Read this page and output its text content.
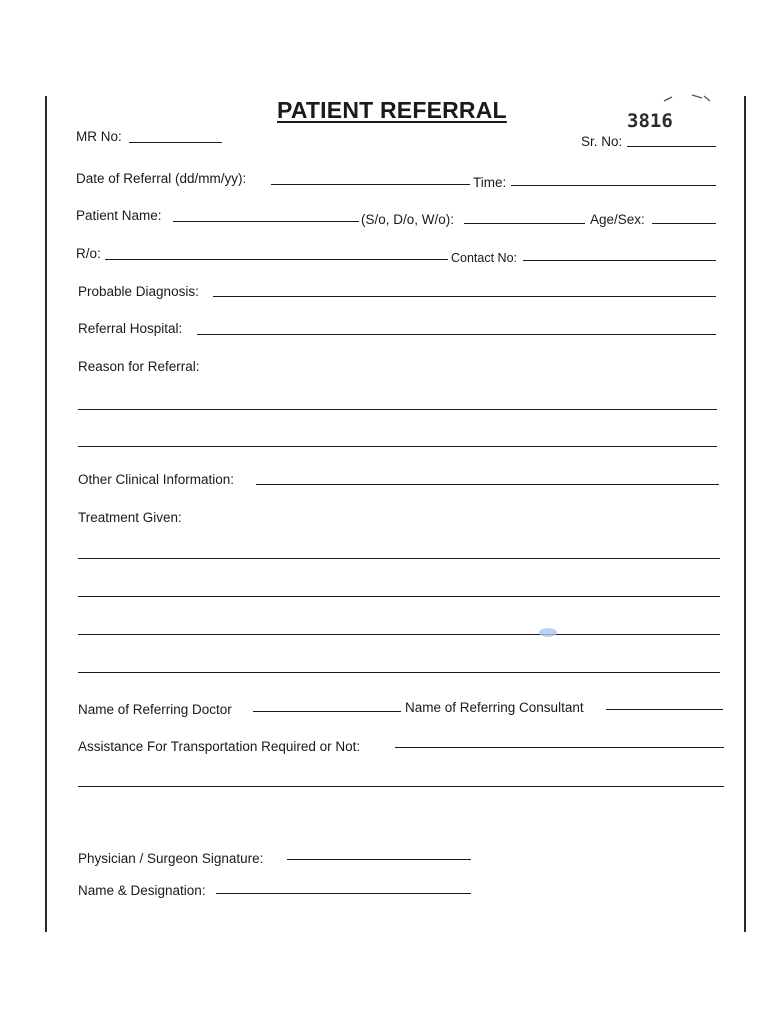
PATIENT REFERRAL	3816
MR No:	Sr. No:
Date of Referral (dd/mm/yy):	Time:
Patient Name:	(S/o, D/o, W/o):	Age/Sex:
R/o:	Contact No:
Probable Diagnosis:
Referral Hospital:
Reason for Referral:
Other Clinical Information:
Treatment Given:
Name of Referring Doctor	Name of Referring Consultant
Assistance For Transportation Required or Not:
Physician / Surgeon Signature:
Name & Designation:
